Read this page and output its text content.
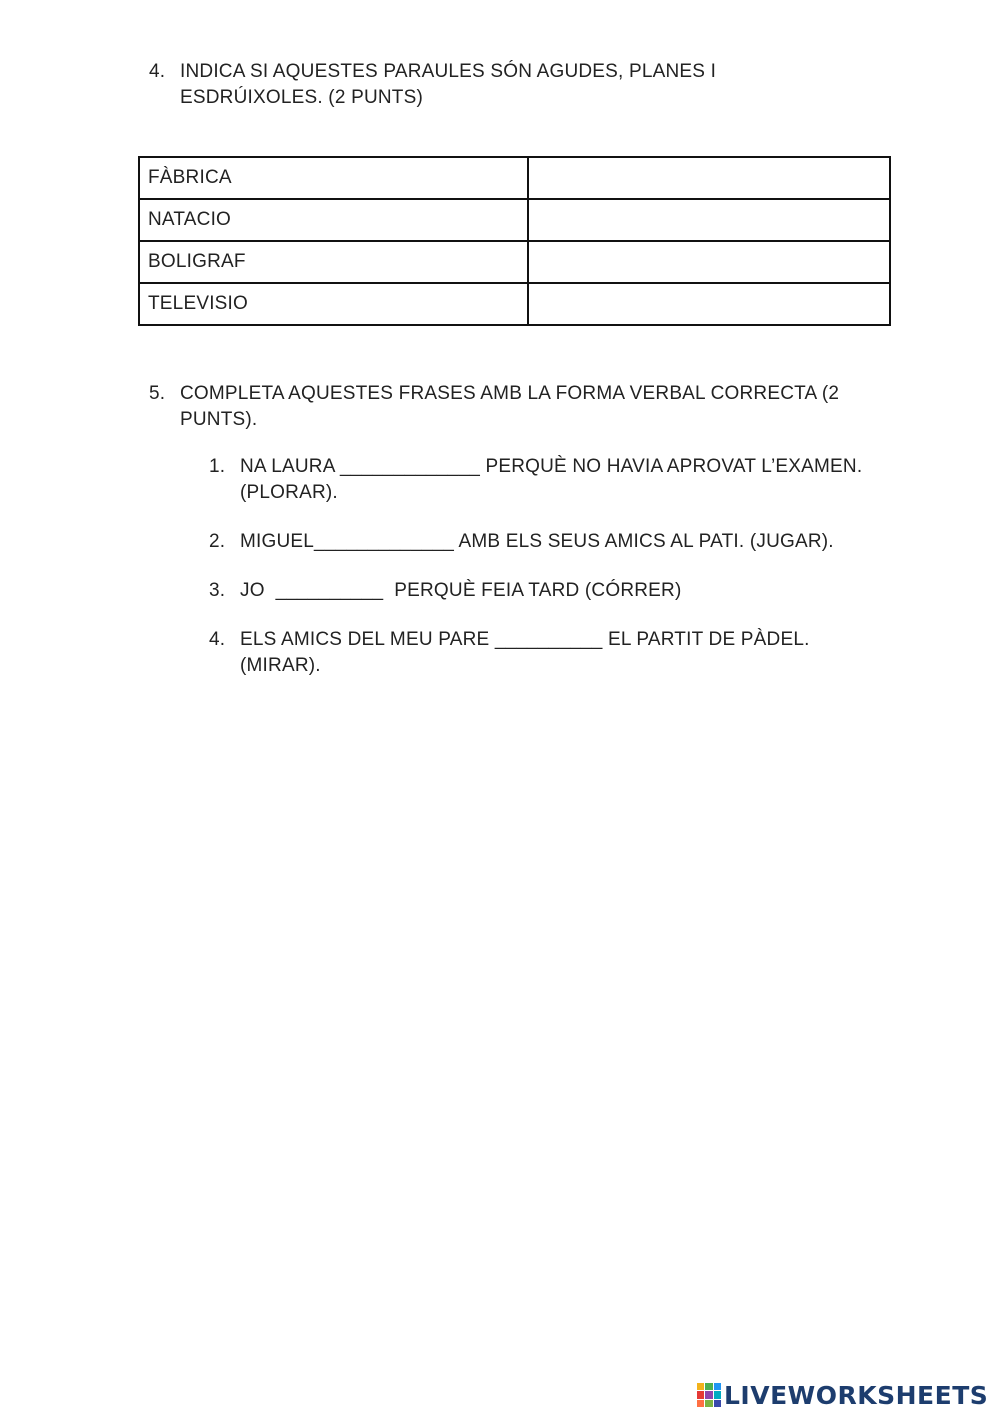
4. INDICA SI AQUESTES PARAULES SÓN AGUDES, PLANES I ESDRÚIXOLES. (2 PUNTS)
FÀBRICA	
NATACIO	
BOLIGRAF	
TELEVISIO	
5. COMPLETA AQUESTES FRASES AMB LA FORMA VERBAL CORRECTA (2 PUNTS).
1. NA LAURA _____________ PERQUÈ NO HAVIA APROVAT L’EXAMEN. (PLORAR).
2. MIGUEL_____________ AMB ELS SEUS AMICS AL PATI. (JUGAR).
3. JO  __________  PERQUÈ FEIA TARD (CÓRRER)
4. ELS AMICS DEL MEU PARE __________ EL PARTIT DE PÀDEL.(MIRAR).
LIVEWORKSHEETS
